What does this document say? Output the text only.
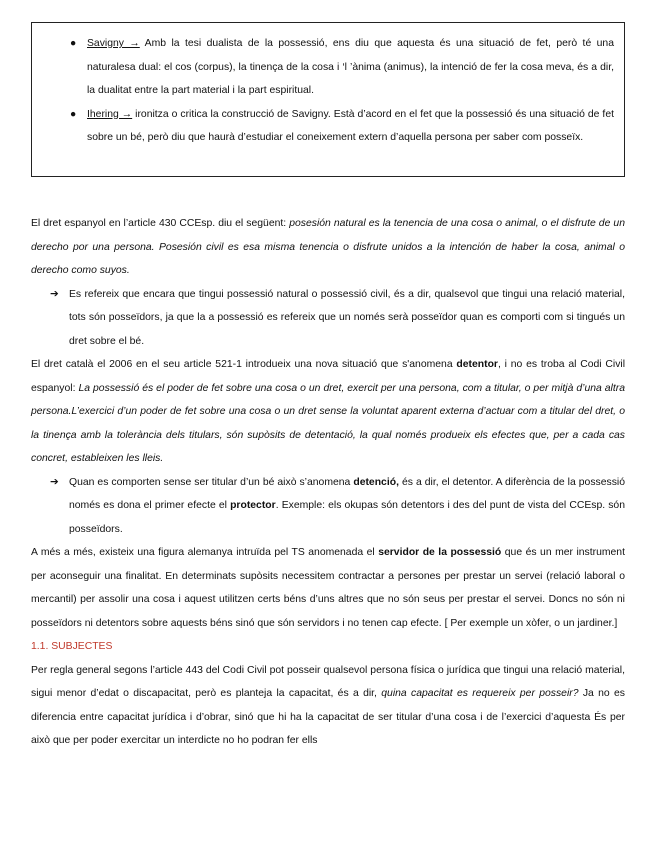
● Savigny → Amb la tesi dualista de la possessió, ens diu que aquesta és una situació de fet, però té una naturalesa dual: el cos (corpus), la tinença de la cosa i ‘l ’ànima (animus), la intenció de fer la cosa meva, és a dir, la dualitat entre la part material i la part espiritual.
● Ihering → ironitza o critica la construcció de Savigny. Està d’acord en el fet que la possessió és una situació de fet sobre un bé, però diu que haurà d’estudiar el coneixement extern d’aquella persona per saber com posseïx.

El dret espanyol en l’article 430 CCEsp. diu el següent: posesión natural es la tenencia de una cosa o animal, o el disfrute de un derecho por una persona. Posesión civil es esa misma tenencia o disfrute unidos a la intención de haber la cosa, animal o derecho como suyos.

➔ Es refereix que encara que tingui possessió natural o possessió civil, és a dir, qualsevol que tingui una relació material, tots són posseïdors, ja que la a possessió es refereix que un només serà posseïdor quan es comporti com si tingués un dret sobre el bé.

El dret català el 2006 en el seu article 521-1 introdueix una nova situació que s'anomena detentor, i no es troba al Codi Civil espanyol: La possessió és el poder de fet sobre una cosa o un dret, exercit per una persona, com a titular, o per mitjà d’una altra persona.L’exercici d’un poder de fet sobre una cosa o un dret sense la voluntat aparent externa d’actuar com a titular del dret, o la tinença amb la tolerància dels titulars, són supòsits de detentació, la qual només produeix els efectes que, per a cada cas concret, estableixen les lleis.

➔ Quan es comporten sense ser titular d’un bé això s’anomena detenció, és a dir, el detentor. A diferència de la possessió només es dona el primer efecte el protector. Exemple: els okupas són detentors i des del punt de vista del CCEsp. són posseïdors.

A més a més, existeix una figura alemanya intruïda pel TS anomenada el servidor de la possessió que és un mer instrument per aconseguir una finalitat. En determinats supòsits necessitem contractar a persones per prestar un servei (relació laboral o mercantil) per assolir una cosa i aquest utilitzen certs béns d’uns altres que no són seus per prestar el servei. Doncs no són ni posseïdors ni detentors sobre aquests béns sinó que són servidors i no tenen cap efecte. [ Per exemple un xòfer, o un jardiner.]

1.1. SUBJECTES

Per regla general segons l’article 443 del Codi Civil pot posseir qualsevol persona física o jurídica que tingui una relació material, sigui menor d’edat o discapacitat, però es planteja la capacitat, és a dir, quina capacitat es requereix per posseir? Ja no es diferencia entre capacitat jurídica i d’obrar, sinó que hi ha la capacitat de ser titular d’una cosa i de l’exercici d’aquesta És per això que per poder exercitar un interdicte no ho podran fer ells
